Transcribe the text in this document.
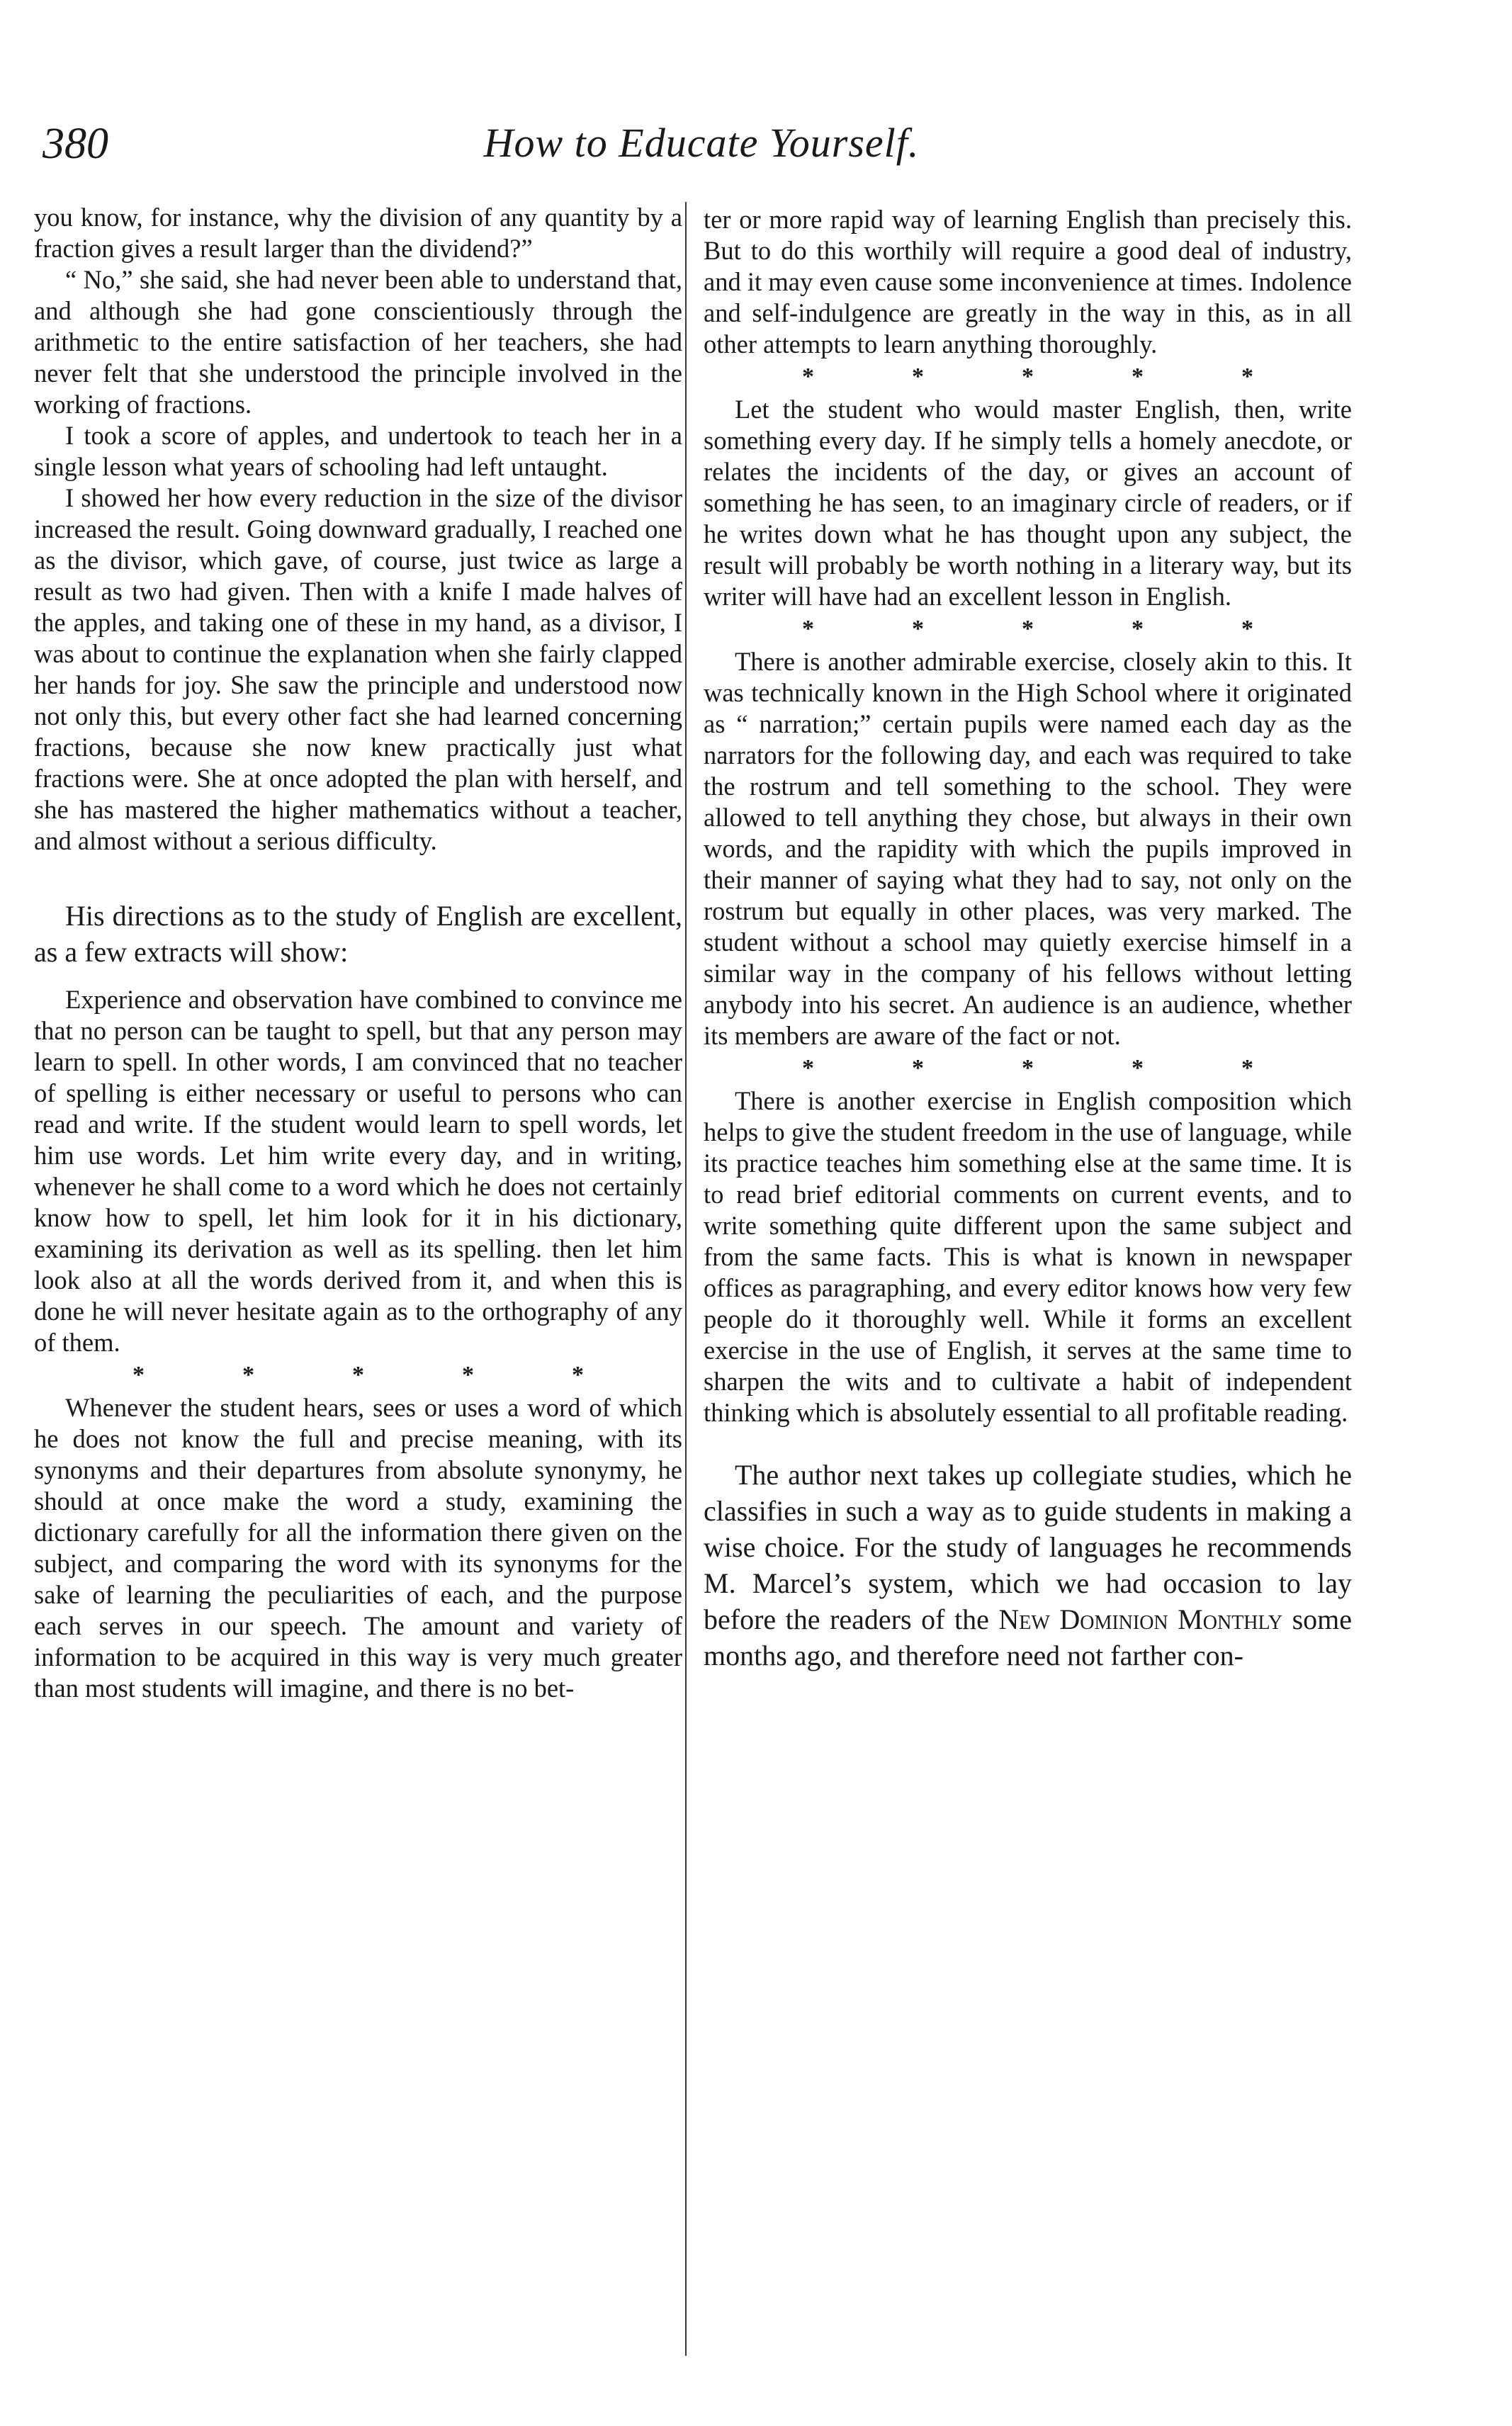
380	How to Educate Yourself.

you know, for instance, why the division of any quantity by a fraction gives a result larger than the dividend?”

“ No,” she said, she had never been able to understand that, and although she had gone conscientiously through the arithmetic to the entire satisfaction of her teachers, she had never felt that she understood the principle involved in the working of fractions.

I took a score of apples, and undertook to teach her in a single lesson what years of schooling had left untaught.

I showed her how every reduction in the size of the divisor increased the result. Going downward gradually, I reached one as the divisor, which gave, of course, just twice as large a result as two had given. Then with a knife I made halves of the apples, and taking one of these in my hand, as a divisor, I was about to continue the explanation when she fairly clapped her hands for joy. She saw the principle and understood now not only this, but every other fact she had learned concerning fractions, because she now knew practically just what fractions were. She at once adopted the plan with herself, and she has mastered the higher mathematics without a teacher, and almost without a serious difficulty.

His directions as to the study of English are excellent, as a few extracts will show:

Experience and observation have combined to convince me that no person can be taught to spell, but that any person may learn to spell. In other words, I am convinced that no teacher of spelling is either necessary or useful to persons who can read and write. If the student would learn to spell words, let him use words. Let him write every day, and in writing, whenever he shall come to a word which he does not certainly know how to spell, let him look for it in his dictionary, examining its derivation as well as its spelling. then let him look also at all the words derived from it, and when this is done he will never hesitate again as to the orthography of any of them.

*	*	*	*	*

Whenever the student hears, sees or uses a word of which he does not know the full and precise meaning, with its synonyms and their departures from absolute synonymy, he should at once make the word a study, examining the dictionary carefully for all the information there given on the subject, and comparing the word with its synonyms for the sake of learning the peculiarities of each, and the purpose each serves in our speech. The amount and variety of information to be acquired in this way is very much greater than most students will imagine, and there is no bet-

ter or more rapid way of learning English than precisely this. But to do this worthily will require a good deal of industry, and it may even cause some inconvenience at times. Indolence and self-indulgence are greatly in the way in this, as in all other attempts to learn anything thoroughly.

*	*	*	*	*

Let the student who would master English, then, write something every day. If he simply tells a homely anecdote, or relates the incidents of the day, or gives an account of something he has seen, to an imaginary circle of readers, or if he writes down what he has thought upon any subject, the result will probably be worth nothing in a literary way, but its writer will have had an excellent lesson in English.

*	*	*	*	*

There is another admirable exercise, closely akin to this. It was technically known in the High School where it originated as “ narration;” certain pupils were named each day as the narrators for the following day, and each was required to take the rostrum and tell something to the school. They were allowed to tell anything they chose, but always in their own words, and the rapidity with which the pupils improved in their manner of saying what they had to say, not only on the rostrum but equally in other places, was very marked. The student without a school may quietly exercise himself in a similar way in the company of his fellows without letting anybody into his secret. An audience is an audience, whether its members are aware of the fact or not.

*	*	*	*	*

There is another exercise in English composition which helps to give the student freedom in the use of language, while its practice teaches him something else at the same time. It is to read brief editorial comments on current events, and to write something quite different upon the same subject and from the same facts. This is what is known in newspaper offices as paragraphing, and every editor knows how very few people do it thoroughly well. While it forms an excellent exercise in the use of English, it serves at the same time to sharpen the wits and to cultivate a habit of independent thinking which is absolutely essential to all profitable reading.

The author next takes up collegiate studies, which he classifies in such a way as to guide students in making a wise choice. For the study of languages he recommends M. Marcel’s system, which we had occasion to lay before the readers of the New Dominion Monthly some months ago, and therefore need not farther con-
